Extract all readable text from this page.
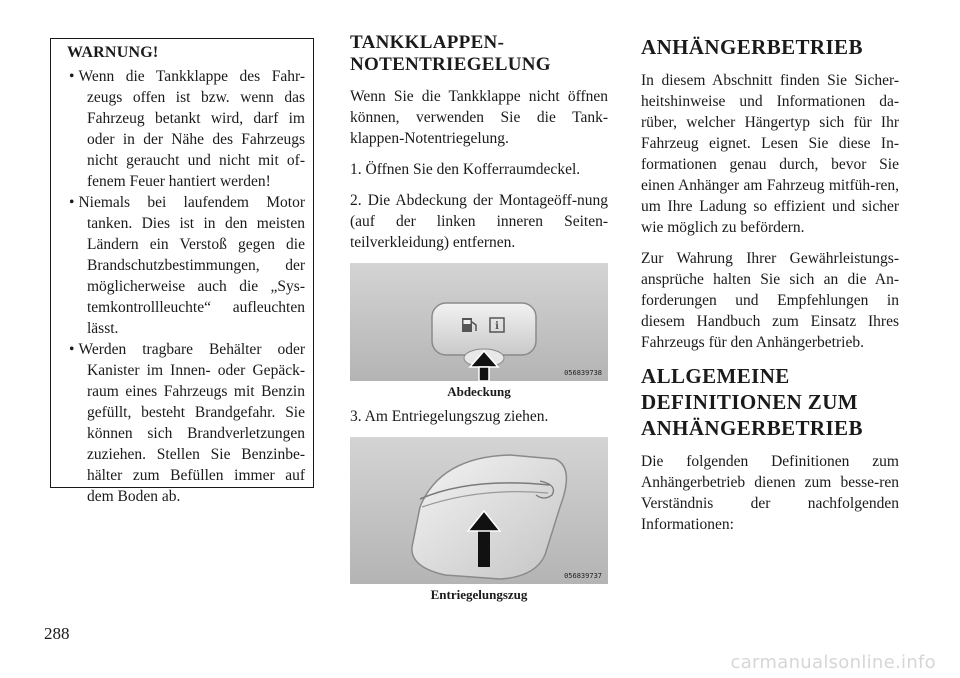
WARNUNG!
• Wenn die Tankklappe des Fahr-zeugs offen ist bzw. wenn das Fahrzeug betankt wird, darf im oder in der Nähe des Fahrzeugs nicht geraucht und nicht mit of-fenem Feuer hantiert werden!
• Niemals bei laufendem Motor tanken. Dies ist in den meisten Ländern ein Verstoß gegen die Brandschutzbestimmungen, der möglicherweise auch die „Sys-temkontrollleuchte“ aufleuchten lässt.
• Werden tragbare Behälter oder Kanister im Innen- oder Gepäck-raum eines Fahrzeugs mit Benzin gefüllt, besteht Brandgefahr. Sie können sich Brandverletzungen zuziehen. Stellen Sie Benzinbe-hälter zum Befüllen immer auf dem Boden ab.
TANKKLAPPEN-NOTENTRIEGELUNG

Wenn Sie die Tankklappe nicht öffnen können, verwenden Sie die Tank-klappen-Notentriegelung.

1. Öffnen Sie den Kofferraumdeckel.

2. Die Abdeckung der Montageöff-nung (auf der linken inneren Seiten-teilverkleidung) entfernen.

i
056839738
Abdeckung

3. Am Entriegelungszug ziehen.

056839737
Entriegelungszug
ANHÄNGERBETRIEB

In diesem Abschnitt finden Sie Sicher-heitshinweise und Informationen da-rüber, welcher Hängertyp sich für Ihr Fahrzeug eignet. Lesen Sie diese In-formationen genau durch, bevor Sie einen Anhänger am Fahrzeug mitfüh-ren, um Ihre Ladung so effizient und sicher wie möglich zu befördern.

Zur Wahrung Ihrer Gewährleistungs-ansprüche halten Sie sich an die An-forderungen und Empfehlungen in diesem Handbuch zum Einsatz Ihres Fahrzeugs für den Anhängerbetrieb.

ALLGEMEINE DEFINITIONEN ZUM ANHÄNGERBETRIEB

Die folgenden Definitionen zum Anhängerbetrieb dienen zum besse-ren Verständnis der nachfolgenden Informationen:

288
carmanualsonline.info
